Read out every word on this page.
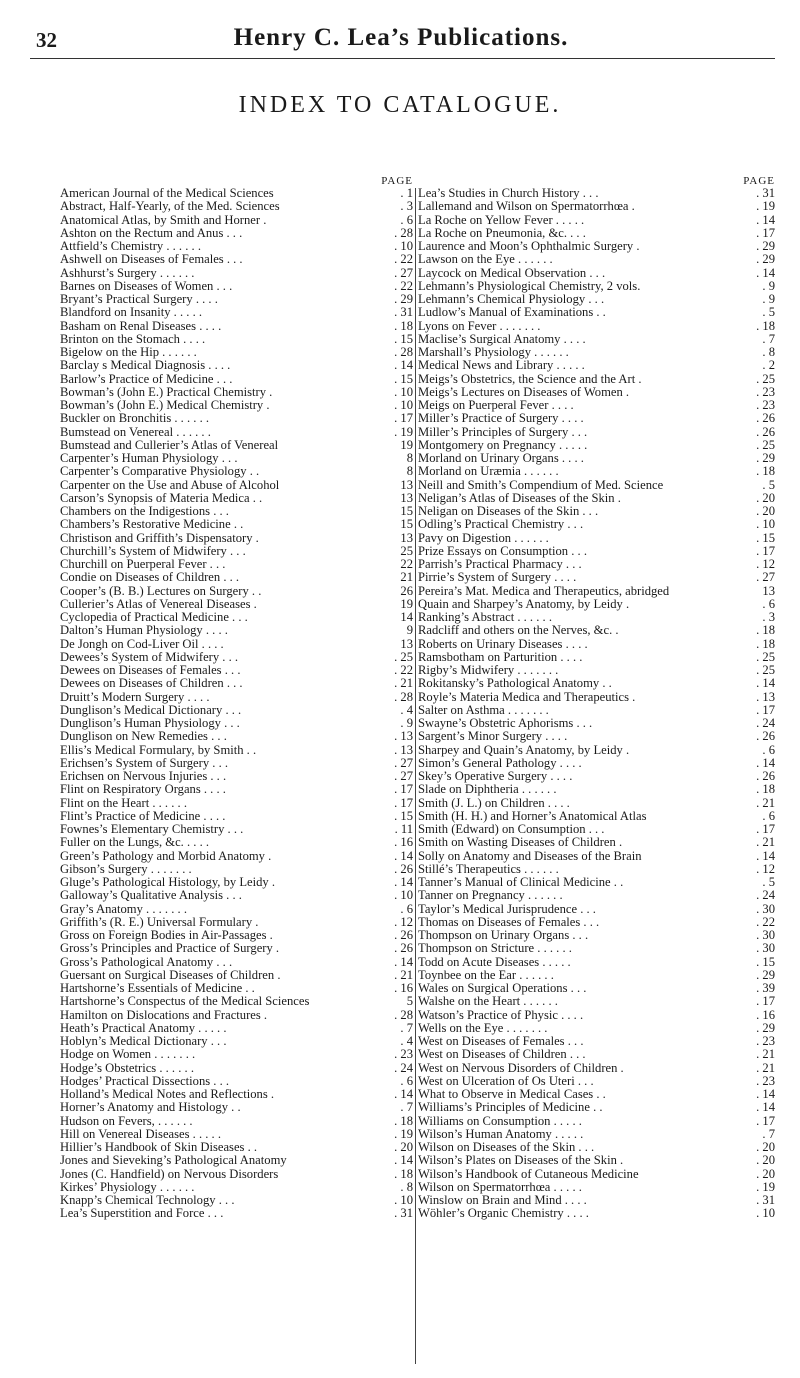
32	Henry C. Lea’s Publications.
INDEX TO CATALOGUE.
PAGE
American Journal of the Medical Sciences	. 1
Abstract, Half-Yearly, of the Med. Sciences	. 3
Anatomical Atlas, by Smith and Horner .	. 6
Ashton on the Rectum and Anus . . .	. 28
Attfield’s Chemistry . . . . . .	. 10
Ashwell on Diseases of Females . . .	. 22
Ashhurst’s Surgery . . . . . .	. 27
Barnes on Diseases of Women . . .	. 22
Bryant’s Practical Surgery . . . .	. 29
Blandford on Insanity . . . . .	. 31
Basham on Renal Diseases . . . .	. 18
Brinton on the Stomach . . . .	. 15
Bigelow on the Hip . . . . . .	. 28
Barclay s Medical Diagnosis . . . .	. 14
Barlow’s Practice of Medicine . . .	. 15
Bowman’s (John E.) Practical Chemistry .	. 10
Bowman’s (John E.) Medical Chemistry .	. 10
Buckler on Bronchitis . . . . . .	. 17
Bumstead on Venereal . . . . . .	. 19
Bumstead and Cullerier’s Atlas of Venereal	19
Carpenter’s Human Physiology . . .	8
Carpenter’s Comparative Physiology . .	8
Carpenter on the Use and Abuse of Alcohol	13
Carson’s Synopsis of Materia Medica . .	13
Chambers on the Indigestions . . .	15
Chambers’s Restorative Medicine . .	15
Christison and Griffith’s Dispensatory .	13
Churchill’s System of Midwifery . . .	25
Churchill on Puerperal Fever . . .	22
Condie on Diseases of Children . . .	21
Cooper’s (B. B.) Lectures on Surgery . .	26
Cullerier’s Atlas of Venereal Diseases .	19
Cyclopedia of Practical Medicine . . .	14
Dalton’s Human Physiology . . . .	9
De Jongh on Cod-Liver Oil . . . .	13
Dewees’s System of Midwifery . . .	. 25
Dewees on Diseases of Females . . .	. 22
Dewees on Diseases of Children . . .	. 21
Druitt’s Modern Surgery . . . .	. 28
Dunglison’s Medical Dictionary . . .	. 4
Dunglison’s Human Physiology . . .	. 9
Dunglison on New Remedies . . .	. 13
Ellis’s Medical Formulary, by Smith . .	. 13
Erichsen’s System of Surgery . . .	. 27
Erichsen on Nervous Injuries . . .	. 27
Flint on Respiratory Organs . . . .	. 17
Flint on the Heart . . . . . .	. 17
Flint’s Practice of Medicine . . . .	. 15
Fownes’s Elementary Chemistry . . .	. 11
Fuller on the Lungs, &c. . . . .	. 16
Green’s Pathology and Morbid Anatomy .	. 14
Gibson’s Surgery . . . . . . .	. 26
Gluge’s Pathological Histology, by Leidy .	. 14
Galloway’s Qualitative Analysis . . .	. 10
Gray’s Anatomy . . . . . . .	. 6
Griffith’s (R. E.) Universal Formulary .	. 12
Gross on Foreign Bodies in Air-Passages .	. 26
Gross’s Principles and Practice of Surgery .	. 26
Gross’s Pathological Anatomy . . .	. 14
Guersant on Surgical Diseases of Children .	. 21
Hartshorne’s Essentials of Medicine . .	. 16
Hartshorne’s Conspectus of the Medical Sciences	5
Hamilton on Dislocations and Fractures .	. 28
Heath’s Practical Anatomy . . . . .	. 7
Hoblyn’s Medical Dictionary . . .	. 4
Hodge on Women . . . . . . .	. 23
Hodge’s Obstetrics . . . . . .	. 24
Hodges’ Practical Dissections . . .	. 6
Holland’s Medical Notes and Reflections .	. 14
Horner’s Anatomy and Histology . .	. 7
Hudson on Fevers, . . . . . .	. 18
Hill on Venereal Diseases . . . . .	. 19
Hillier’s Handbook of Skin Diseases . .	. 20
Jones and Sieveking’s Pathological Anatomy	. 14
Jones (C. Handfield) on Nervous Disorders	. 18
Kirkes’ Physiology . . . . . .	. 8
Knapp’s Chemical Technology . . .	. 10
Lea’s Superstition and Force . . .	. 31
PAGE
Lea’s Studies in Church History . . .	. 31
Lallemand and Wilson on Spermatorrhœa .	. 19
La Roche on Yellow Fever . . . . .	. 14
La Roche on Pneumonia, &c. . . .	. 17
Laurence and Moon’s Ophthalmic Surgery .	. 29
Lawson on the Eye . . . . . .	. 29
Laycock on Medical Observation . . .	. 14
Lehmann’s Physiological Chemistry, 2 vols.	. 9
Lehmann’s Chemical Physiology . . .	. 9
Ludlow’s Manual of Examinations . .	. 5
Lyons on Fever . . . . . . .	. 18
Maclise’s Surgical Anatomy . . . .	. 7
Marshall’s Physiology . . . . . .	. 8
Medical News and Library . . . . .	. 2
Meigs’s Obstetrics, the Science and the Art .	. 25
Meigs’s Lectures on Diseases of Women .	. 23
Meigs on Puerperal Fever . . . .	. 23
Miller’s Practice of Surgery . . . .	. 26
Miller’s Principles of Surgery . . .	. 26
Montgomery on Pregnancy . . . . .	. 25
Morland on Urinary Organs . . . .	. 29
Morland on Uræmia . . . . . .	. 18
Neill and Smith’s Compendium of Med. Science	. 5
Neligan’s Atlas of Diseases of the Skin .	. 20
Neligan on Diseases of the Skin . . .	. 20
Odling’s Practical Chemistry . . .	. 10
Pavy on Digestion . . . . . .	. 15
Prize Essays on Consumption . . .	. 17
Parrish’s Practical Pharmacy . . .	. 12
Pirrie’s System of Surgery . . . .	. 27
Pereira’s Mat. Medica and Therapeutics, abridged	13
Quain and Sharpey’s Anatomy, by Leidy .	. 6
Ranking’s Abstract . . . . . .	. 3
Radcliff and others on the Nerves, &c. .	. 18
Roberts on Urinary Diseases . . . .	. 18
Ramsbotham on Parturition . . . .	. 25
Rigby’s Midwifery . . . . . . .	. 25
Rokitansky’s Pathological Anatomy . .	. 14
Royle’s Materia Medica and Therapeutics .	. 13
Salter on Asthma . . . . . . .	. 17
Swayne’s Obstetric Aphorisms . . .	. 24
Sargent’s Minor Surgery . . . .	. 26
Sharpey and Quain’s Anatomy, by Leidy .	. 6
Simon’s General Pathology . . . .	. 14
Skey’s Operative Surgery . . . .	. 26
Slade on Diphtheria . . . . . .	. 18
Smith (J. L.) on Children . . . .	. 21
Smith (H. H.) and Horner’s Anatomical Atlas	. 6
Smith (Edward) on Consumption . . .	. 17
Smith on Wasting Diseases of Children .	. 21
Solly on Anatomy and Diseases of the Brain	. 14
Stillé’s Therapeutics . . . . . .	. 12
Tanner’s Manual of Clinical Medicine . .	. 5
Tanner on Pregnancy . . . . . .	. 24
Taylor’s Medical Jurisprudence . . .	. 30
Thomas on Diseases of Females . . .	. 22
Thompson on Urinary Organs . . .	. 30
Thompson on Stricture . . . . . .	. 30
Todd on Acute Diseases . . . . .	. 15
Toynbee on the Ear . . . . . .	. 29
Wales on Surgical Operations . . .	. 39
Walshe on the Heart . . . . . .	. 17
Watson’s Practice of Physic . . . .	. 16
Wells on the Eye . . . . . . .	. 29
West on Diseases of Females . . .	. 23
West on Diseases of Children . . .	. 21
West on Nervous Disorders of Children .	. 21
West on Ulceration of Os Uteri . . .	. 23
What to Observe in Medical Cases . .	. 14
Williams’s Principles of Medicine . .	. 14
Williams on Consumption . . . . .	. 17
Wilson’s Human Anatomy . . . . .	. 7
Wilson on Diseases of the Skin . . .	. 20
Wilson’s Plates on Diseases of the Skin .	. 20
Wilson’s Handbook of Cutaneous Medicine	. 20
Wilson on Spermatorrhœa . . . . .	. 19
Winslow on Brain and Mind . . . .	. 31
Wöhler’s Organic Chemistry . . . .	. 10
